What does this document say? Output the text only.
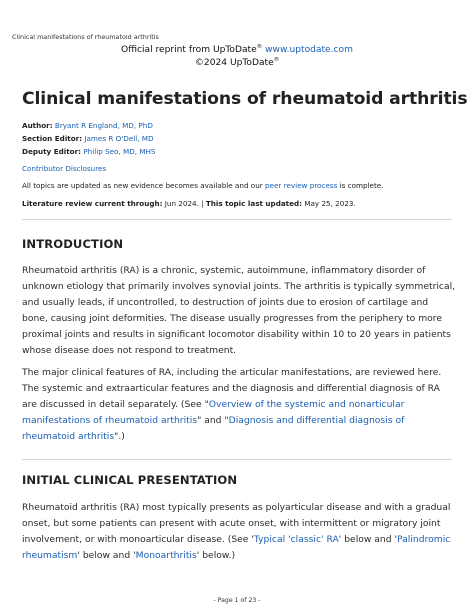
Clinical manifestations of rheumatoid arthritis
Official reprint from UpToDate® www.uptodate.com
©2024 UpToDate®
Clinical manifestations of rheumatoid arthritis
Author: Bryant R England, MD, PhD
Section Editor: James R O'Dell, MD
Deputy Editor: Philip Seo, MD, MHS
Contributor Disclosures
All topics are updated as new evidence becomes available and our peer review process is complete.
Literature review current through: Jun 2024. | This topic last updated: May 25, 2023.
INTRODUCTION

Rheumatoid arthritis (RA) is a chronic, systemic, autoimmune, inflammatory disorder of
unknown etiology that primarily involves synovial joints. The arthritis is typically symmetrical,
and usually leads, if uncontrolled, to destruction of joints due to erosion of cartilage and
bone, causing joint deformities. The disease usually progresses from the periphery to more
proximal joints and results in significant locomotor disability within 10 to 20 years in patients
whose disease does not respond to treatment.

The major clinical features of RA, including the articular manifestations, are reviewed here.
The systemic and extraarticular features and the diagnosis and differential diagnosis of RA
are discussed in detail separately. (See "Overview of the systemic and nonarticular
manifestations of rheumatoid arthritis" and "Diagnosis and differential diagnosis of
rheumatoid arthritis".)

INITIAL CLINICAL PRESENTATION

Rheumatoid arthritis (RA) most typically presents as polyarticular disease and with a gradual
onset, but some patients can present with acute onset, with intermittent or migratory joint
involvement, or with monoarticular disease. (See 'Typical 'classic' RA' below and 'Palindromic
rheumatism' below and 'Monoarthritis' below.)

- Page 1 of 23 -
